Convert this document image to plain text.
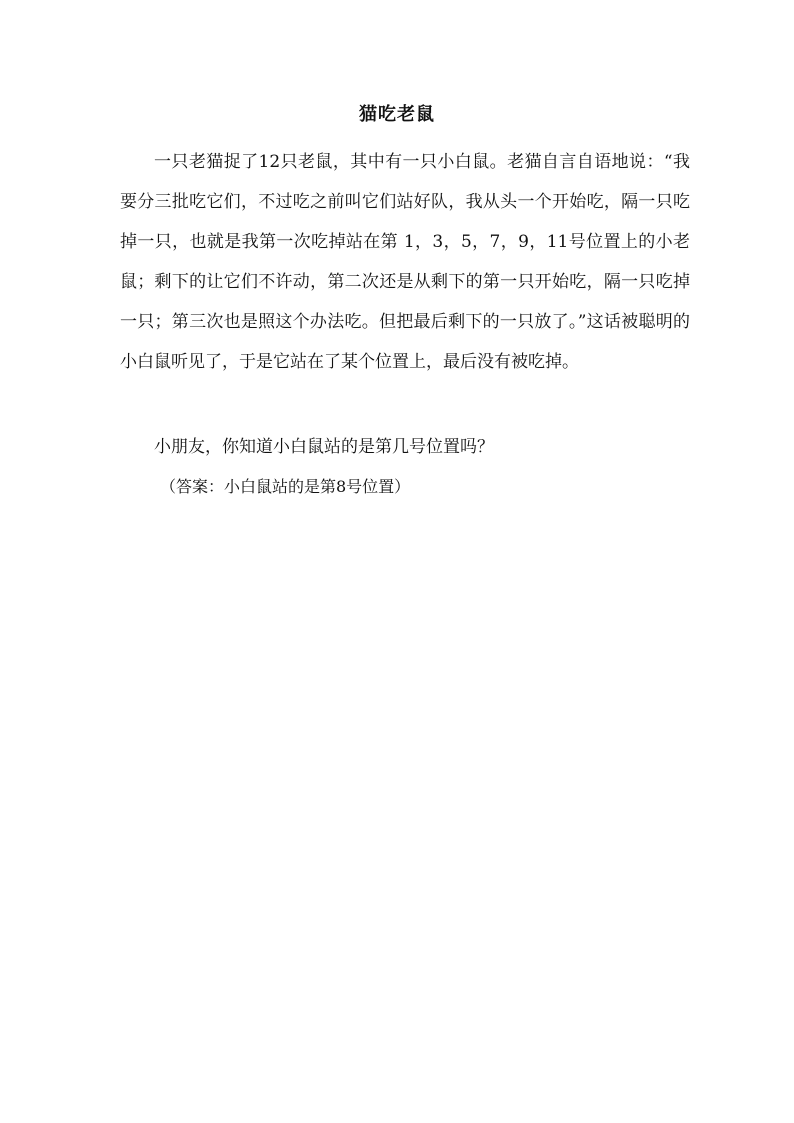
猫吃老鼠

一只老猫捉了12只老鼠，其中有一只小白鼠。老猫自言自语地说：“我要分三批吃它们，不过吃之前叫它们站好队，我从头一个开始吃，隔一只吃掉一只，也就是我第一次吃掉站在第 1，3，5，7，9，11号位置上的小老鼠；剩下的让它们不许动，第二次还是从剩下的第一只开始吃，隔一只吃掉一只；第三次也是照这个办法吃。但把最后剩下的一只放了。”这话被聪明的小白鼠听见了，于是它站在了某个位置上，最后没有被吃掉。

小朋友，你知道小白鼠站的是第几号位置吗？

（答案：小白鼠站的是第8号位置）
